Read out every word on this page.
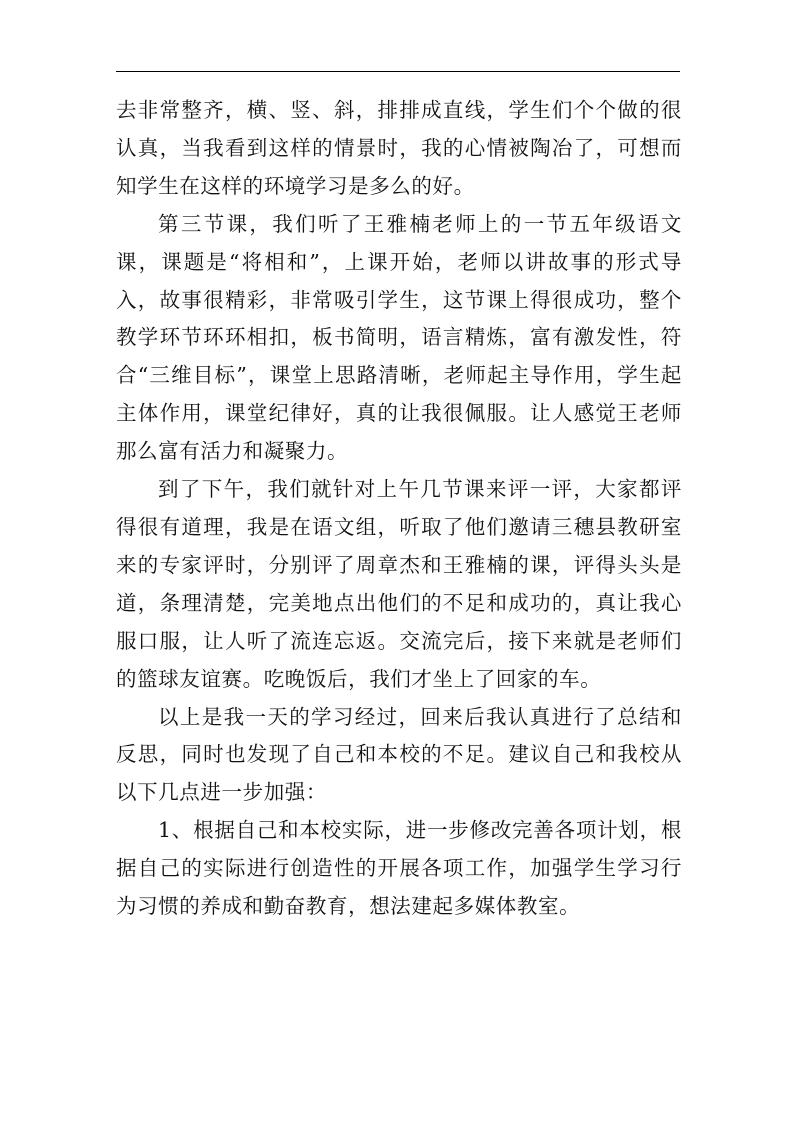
去非常整齐，横、竖、斜，排排成直线，学生们个个做的很认真，当我看到这样的情景时，我的心情被陶冶了，可想而知学生在这样的环境学习是多么的好。

第三节课，我们听了王雅楠老师上的一节五年级语文课，课题是“将相和”，上课开始，老师以讲故事的形式导入，故事很精彩，非常吸引学生，这节课上得很成功，整个教学环节环环相扣，板书简明，语言精炼，富有激发性，符合“三维目标”，课堂上思路清晰，老师起主导作用，学生起主体作用，课堂纪律好，真的让我很佩服。让人感觉王老师那么富有活力和凝聚力。

到了下午，我们就针对上午几节课来评一评，大家都评得很有道理，我是在语文组，听取了他们邀请三穗县教研室来的专家评时，分别评了周章杰和王雅楠的课，评得头头是道，条理清楚，完美地点出他们的不足和成功的，真让我心服口服，让人听了流连忘返。交流完后，接下来就是老师们的篮球友谊赛。吃晚饭后，我们才坐上了回家的车。

以上是我一天的学习经过，回来后我认真进行了总结和反思，同时也发现了自己和本校的不足。建议自己和我校从以下几点进一步加强：

1、根据自己和本校实际，进一步修改完善各项计划，根据自己的实际进行创造性的开展各项工作，加强学生学习行为习惯的养成和勤奋教育，想法建起多媒体教室。
